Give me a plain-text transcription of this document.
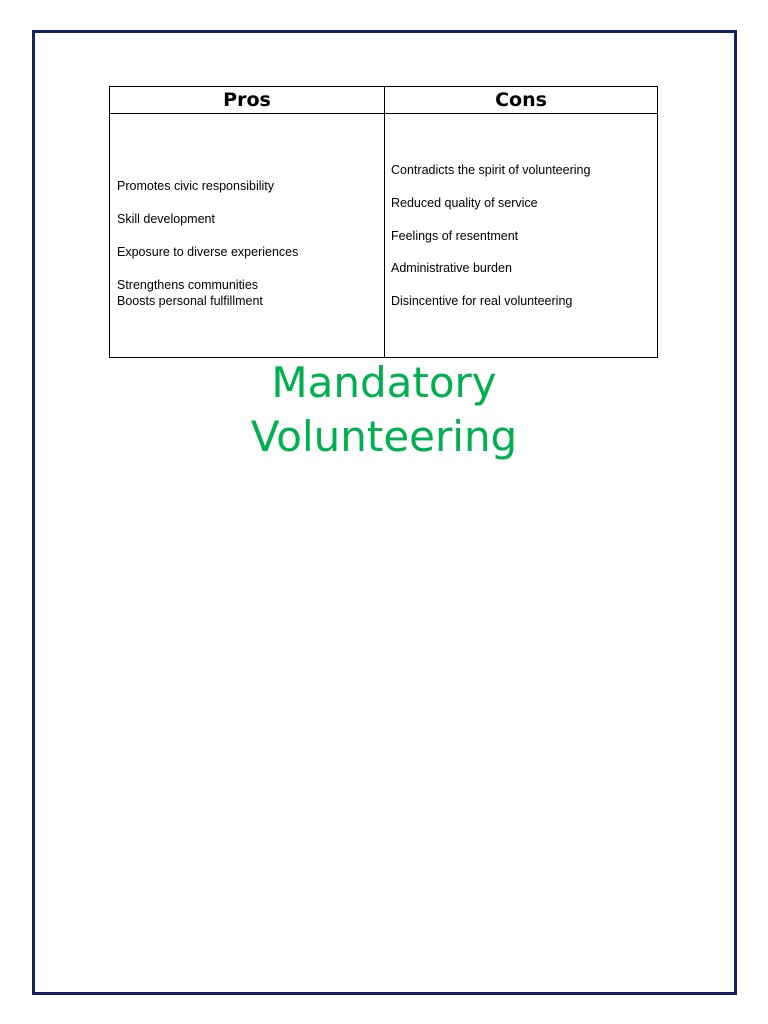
Pros	Cons
Promotes civic responsibility
Skill development
Exposure to diverse experiences
Strengthens communities
Boosts personal fulfillment
Contradicts the spirit of volunteering
Reduced quality of service
Feelings of resentment
Administrative burden
Disincentive for real volunteering
Mandatory
Volunteering
